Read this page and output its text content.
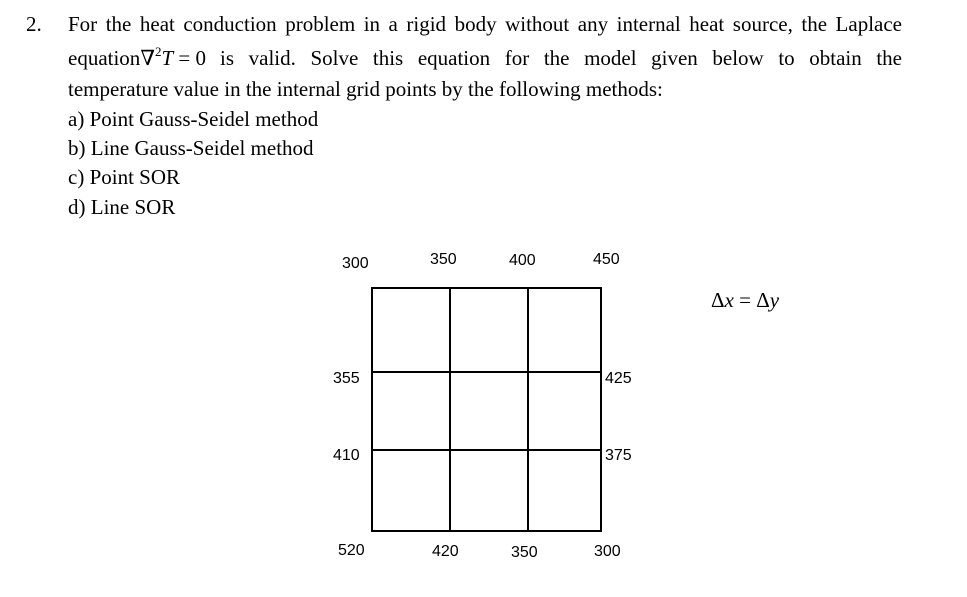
2. For the heat conduction problem in a rigid body without any internal heat source, the Laplace
equation ∇$^2$T = 0 is valid. Solve this equation for the model given below to obtain the
temperature value in the internal grid points by the following methods:
a) Point Gauss-Seidel method
b) Line Gauss-Seidel method
c) Point SOR
d) Line SOR
300	350	400	450
355
410
425
375
520	420	350	300
Δx = Δy
